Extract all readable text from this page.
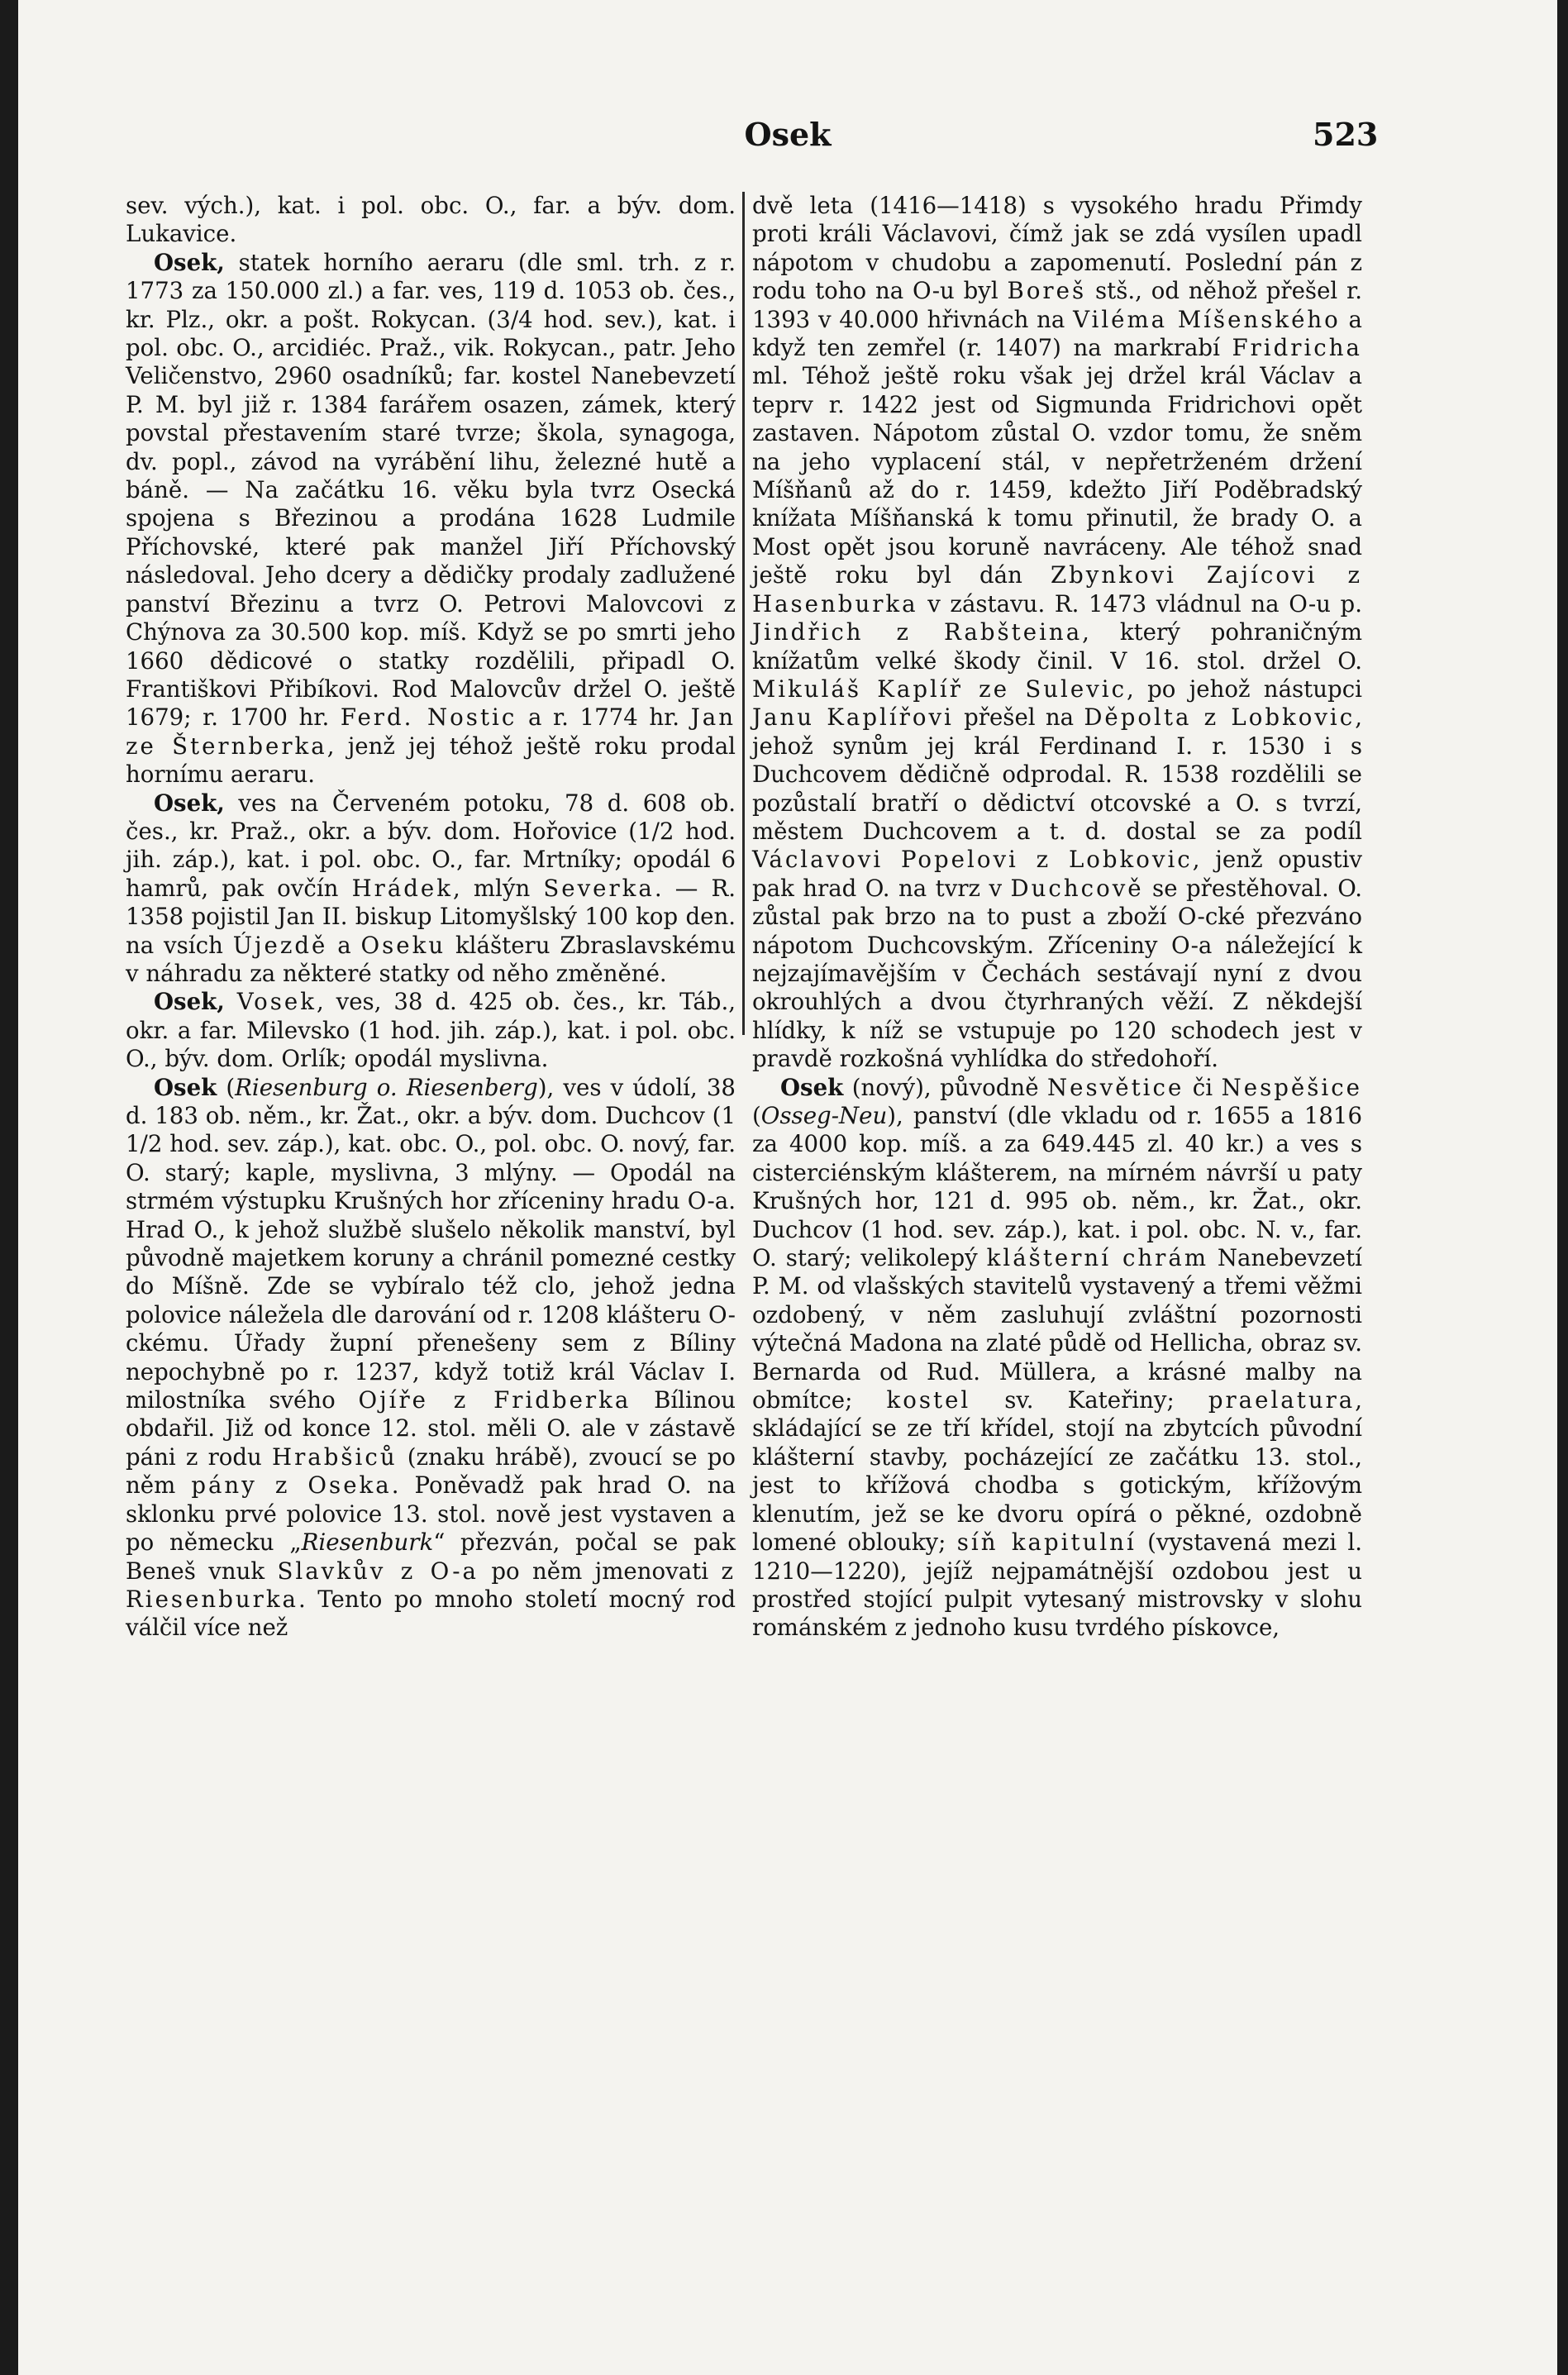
Osek	523

sev. vých.), kat. i pol. obc. O., far. a býv. dom. Lukavice.

Osek, statek horního aeraru (dle sml. trh. z r. 1773 za 150.000 zl.) a far. ves, 119 d. 1053 ob. čes., kr. Plz., okr. a pošt. Rokycan. (3/4 hod. sev.), kat. i pol. obc. O., arcidiéc. Praž., vik. Rokycan., patr. Jeho Veličenstvo, 2960 osadníků; far. kostel Nanebevzetí P. M. byl již r. 1384 farářem osazen, zámek, který povstal přestavením staré tvrze; škola, synagoga, dv. popl., závod na vyrábění lihu, železné hutě a báně. — Na začátku 16. věku byla tvrz Osecká spojena s Březinou a prodána 1628 Ludmile Příchovské, které pak manžel Jiří Příchovský následoval. Jeho dcery a dědičky prodaly zadlužené panství Březinu a tvrz O. Petrovi Malovcovi z Chýnova za 30.500 kop. míš. Když se po smrti jeho 1660 dědicové o statky rozdělili, připadl O. Františkovi Přibíkovi. Rod Malovcův držel O. ještě 1679; r. 1700 hr. Ferd. Nostic a r. 1774 hr. Jan ze Šternberka, jenž jej téhož ještě roku prodal hornímu aeraru.

Osek, ves na Červeném potoku, 78 d. 608 ob. čes., kr. Praž., okr. a býv. dom. Hořovice (1/2 hod. jih. záp.), kat. i pol. obc. O., far. Mrtníky; opodál 6 hamrů, pak ovčín Hrádek, mlýn Severka. — R. 1358 pojistil Jan II. biskup Litomyšlský 100 kop den. na vsích Újezdě a Oseku klášteru Zbraslavskému v náhradu za některé statky od něho změněné.

Osek, Vosek, ves, 38 d. 425 ob. čes., kr. Táb., okr. a far. Milevsko (1 hod. jih. záp.), kat. i pol. obc. O., býv. dom. Orlík; opodál myslivna.

Osek (Riesenburg o. Riesenberg), ves v údolí, 38 d. 183 ob. něm., kr. Žat., okr. a býv. dom. Duchcov (1 1/2 hod. sev. záp.), kat. obc. O., pol. obc. O. nový, far. O. starý; kaple, myslivna, 3 mlýny. — Opodál na strmém výstupku Krušných hor zříceniny hradu O-a. Hrad O., k jehož službě slušelo několik manství, byl původně majetkem koruny a chránil pomezné cestky do Míšně. Zde se vybíralo též clo, jehož jedna polovice náležela dle darování od r. 1208 klášteru O-ckému. Úřady župní přenešeny sem z Bíliny nepochybně po r. 1237, když totiž král Václav I. milostníka svého Ojíře z Fridberka Bílinou obdařil. Již od konce 12. stol. měli O. ale v zástavě páni z rodu Hrabšiců (znaku hrábě), zvoucí se po něm pány z Oseka. Poněvadž pak hrad O. na sklonku prvé polovice 13. stol. nově jest vystaven a po německu „Riesenburk“ přezván, počal se pak Beneš vnuk Slavkův z O-a po něm jmenovati z Riesenburka. Tento po mnoho století mocný rod válčil více než

dvě leta (1416—1418) s vysokého hradu Přimdy proti králi Václavovi, čímž jak se zdá vysílen upadl nápotom v chudobu a zapomenutí. Poslední pán z rodu toho na O-u byl Boreš stš., od něhož přešel r. 1393 v 40.000 hřivnách na Viléma Míšenského a když ten zemřel (r. 1407) na markrabí Fridricha ml. Téhož ještě roku však jej držel král Václav a teprv r. 1422 jest od Sigmunda Fridrichovi opět zastaven. Nápotom zůstal O. vzdor tomu, že sněm na jeho vyplacení stál, v nepřetrženém držení Míšňanů až do r. 1459, kdežto Jiří Poděbradský knížata Míšňanská k tomu přinutil, že brady O. a Most opět jsou koruně navráceny. Ale téhož snad ještě roku byl dán Zbynkovi Zajícovi z Hasenburka v zástavu. R. 1473 vládnul na O-u p. Jindřich z Rabšteina, který pohraničným knížatům velké škody činil. V 16. stol. držel O. Mikuláš Kaplíř ze Sulevic, po jehož nástupci Janu Kaplířovi přešel na Děpolta z Lobkovic, jehož synům jej král Ferdinand I. r. 1530 i s Duchcovem dědičně odprodal. R. 1538 rozdělili se pozůstalí bratří o dědictví otcovské a O. s tvrzí, městem Duchcovem a t. d. dostal se za podíl Václavovi Popelovi z Lobkovic, jenž opustiv pak hrad O. na tvrz v Duchcově se přestěhoval. O. zůstal pak brzo na to pust a zboží O-cké přezváno nápotom Duchcovským. Zříceniny O-a náležející k nejzajímavějším v Čechách sestávají nyní z dvou okrouhlých a dvou čtyrhraných věží. Z někdejší hlídky, k níž se vstupuje po 120 schodech jest v pravdě rozkošná vyhlídka do středohoří.

Osek (nový), původně Nesvětice či Nespěšice (Osseg-Neu), panství (dle vkladu od r. 1655 a 1816 za 4000 kop. míš. a za 649.445 zl. 40 kr.) a ves s cisterciénským klášterem, na mírném návrší u paty Krušných hor, 121 d. 995 ob. něm., kr. Žat., okr. Duchcov (1 hod. sev. záp.), kat. i pol. obc. N. v., far. O. starý; velikolepý klášterní chrám Nanebevzetí P. M. od vlašských stavitelů vystavený a třemi věžmi ozdobený, v něm zasluhují zvláštní pozornosti výtečná Madona na zlaté půdě od Hellicha, obraz sv. Bernarda od Rud. Müllera, a krásné malby na obmítce; kostel sv. Kateřiny; praelatura, skládající se ze tří křídel, stojí na zbytcích původní klášterní stavby, pocházející ze začátku 13. stol., jest to křížová chodba s gotickým, křížovým klenutím, jež se ke dvoru opírá o pěkné, ozdobně lomené oblouky; síň kapitulní (vystavená mezi l. 1210—1220), jejíž nejpamátnější ozdobou jest u prostřed stojící pulpit vytesaný mistrovsky v slohu románském z jednoho kusu tvrdého pískovce,
